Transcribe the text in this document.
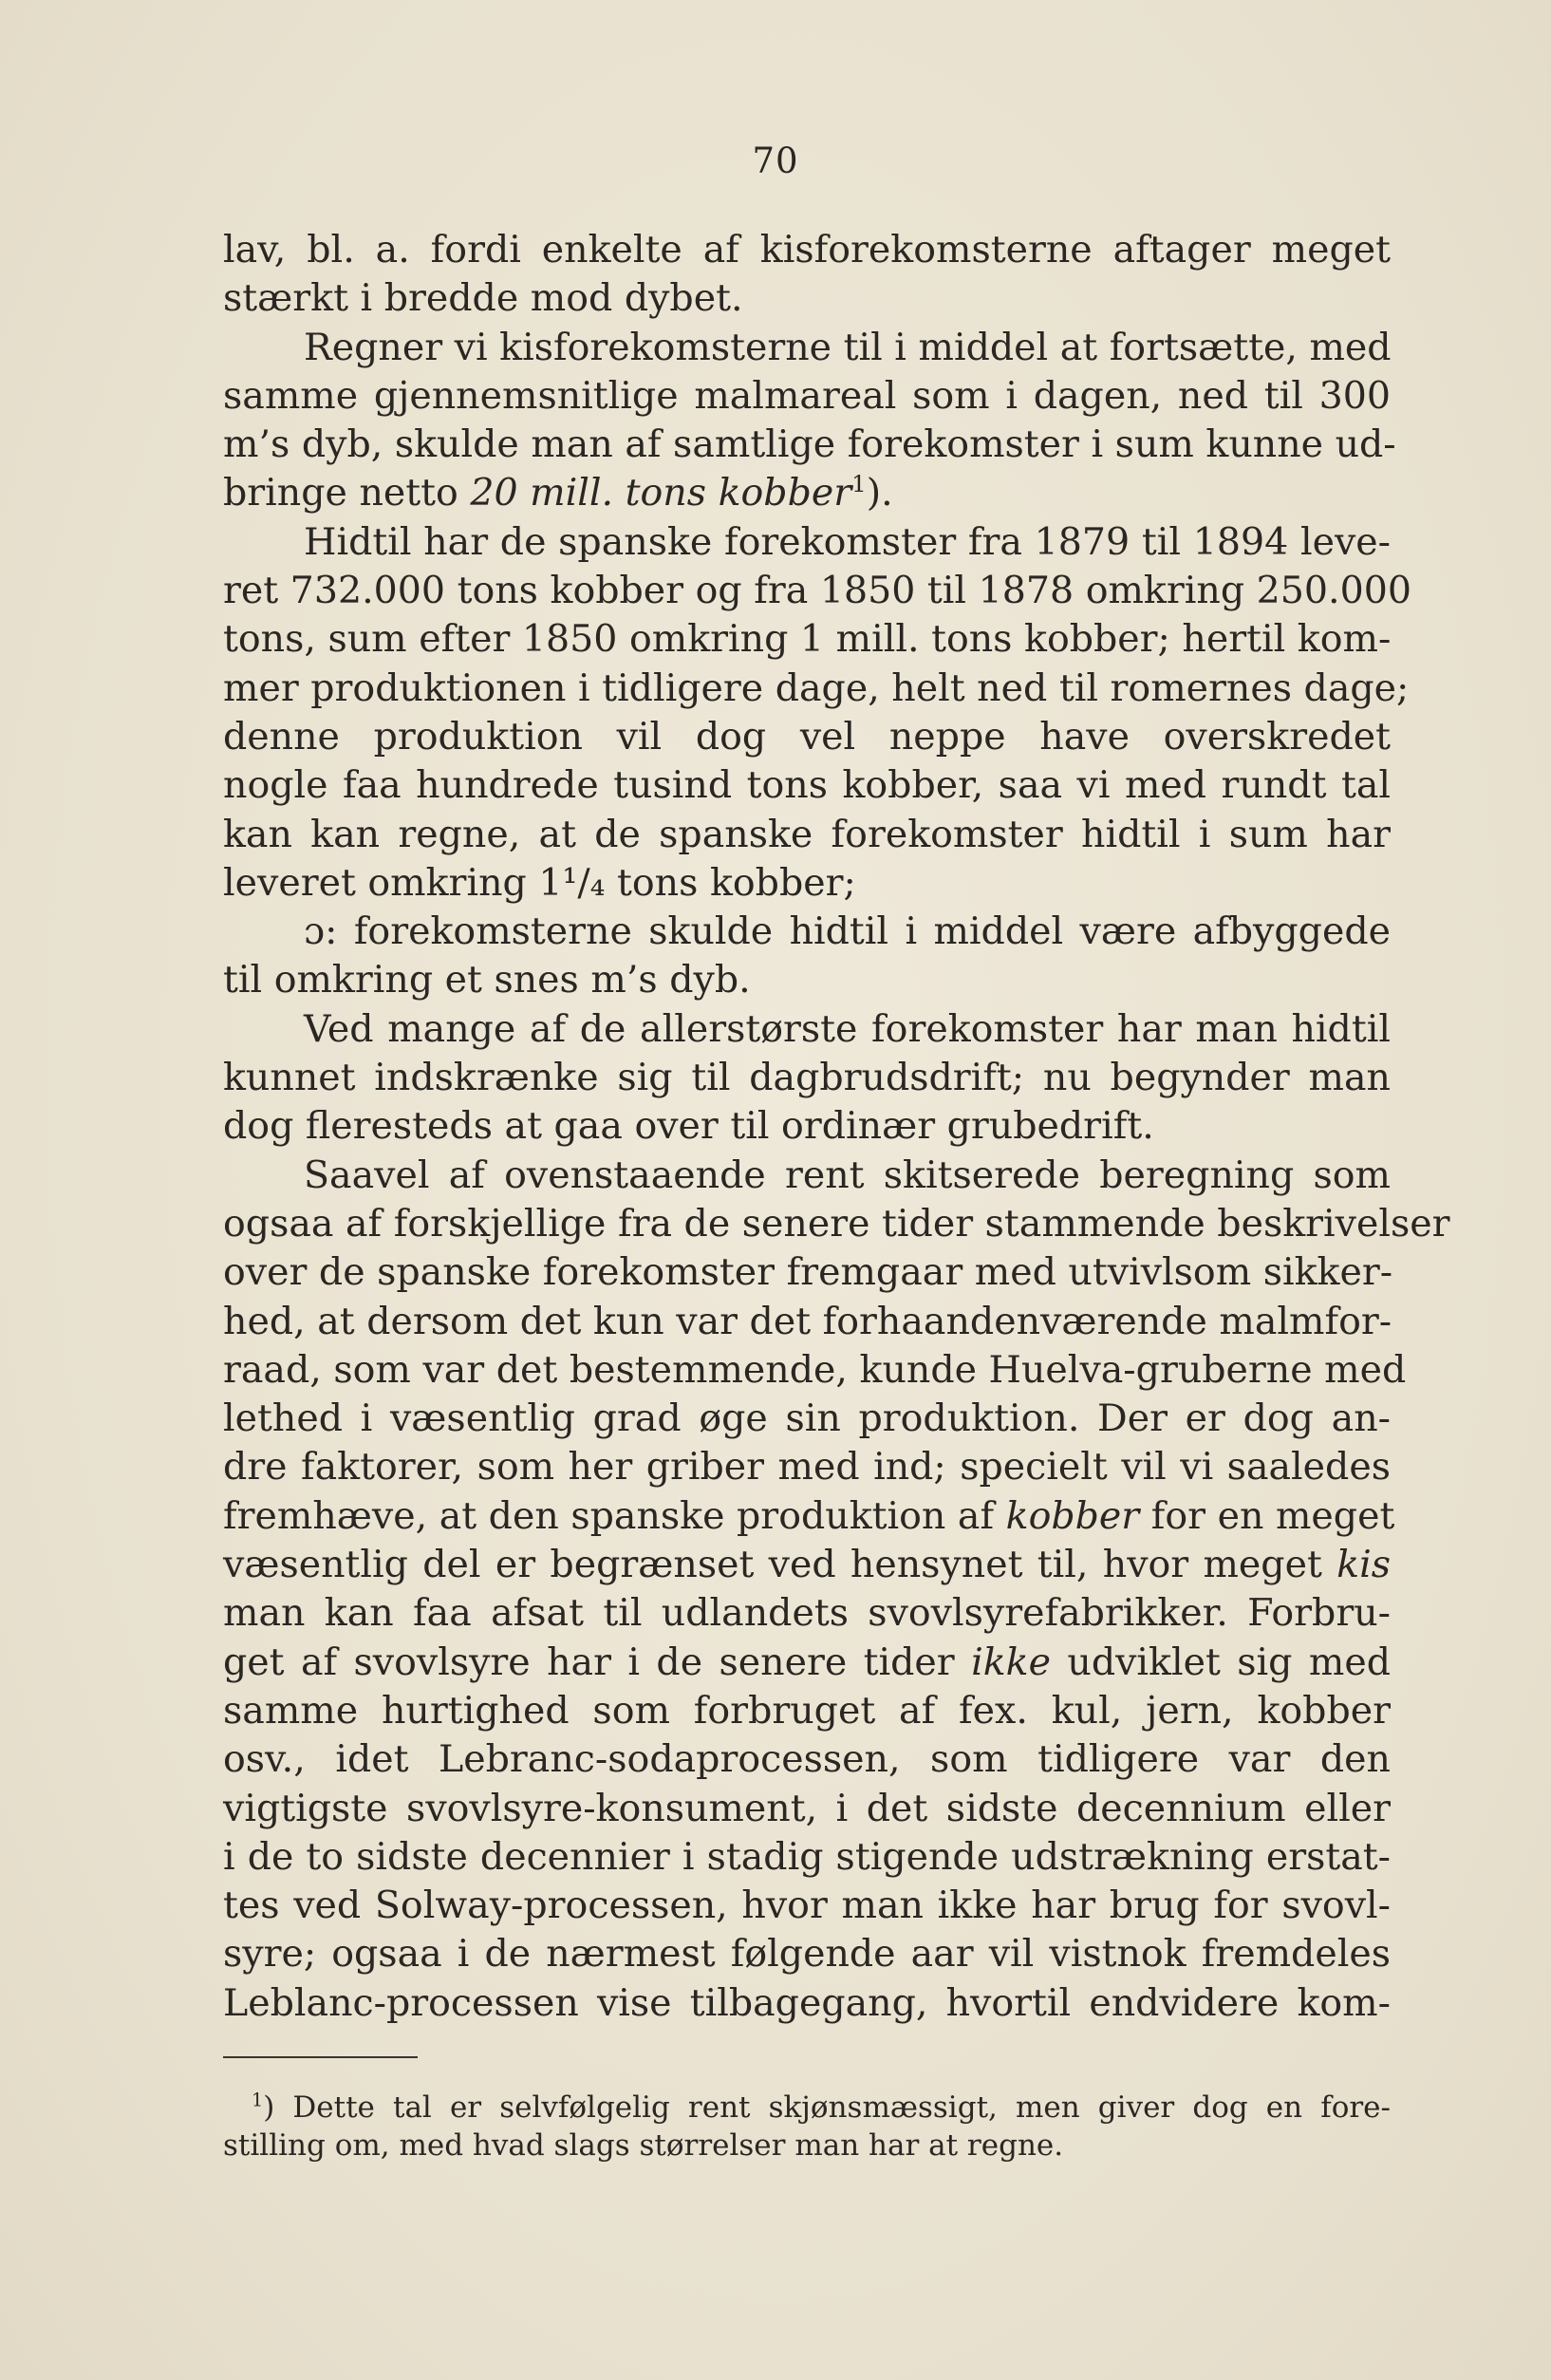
70
lav, bl. a. fordi enkelte af kisforekomsterne aftager meget
stærkt i bredde mod dybet.
Regner vi kisforekomsterne til i middel at fortsætte, med
samme gjennemsnitlige malmareal som i dagen, ned til 300
m’s dyb, skulde man af samtlige forekomster i sum kunne ud-
bringe netto 20 mill. tons kobber$^1$).
Hidtil har de spanske forekomster fra 1879 til 1894 leve-
ret 732.000 tons kobber og fra 1850 til 1878 omkring 250.000
tons, sum efter 1850 omkring 1 mill. tons kobber; hertil kom-
mer produktionen i tidligere dage, helt ned til romernes dage;
denne produktion vil dog vel neppe have overskredet
nogle faa hundrede tusind tons kobber, saa vi med rundt tal
kan kan regne, at de spanske forekomster hidtil i sum har
leveret omkring 1¹/₄ tons kobber;
ɔ: forekomsterne skulde hidtil i middel være afbyggede
til omkring et snes m’s dyb.
Ved mange af de allerstørste forekomster har man hidtil
kunnet indskrænke sig til dagbrudsdrift; nu begynder man
dog fleresteds at gaa over til ordinær grubedrift.
Saavel af ovenstaaende rent skitserede beregning som
ogsaa af forskjellige fra de senere tider stammende beskrivelser
over de spanske forekomster fremgaar med utvivlsom sikker-
hed, at dersom det kun var det forhaandenværende malmfor-
raad, som var det bestemmende, kunde Huelva-gruberne med
lethed i væsentlig grad øge sin produktion. Der er dog an-
dre faktorer, som her griber med ind; specielt vil vi saaledes
fremhæve, at den spanske produktion af kobber for en meget
væsentlig del er begrænset ved hensynet til, hvor meget kis
man kan faa afsat til udlandets svovlsyrefabrikker. Forbru-
get af svovlsyre har i de senere tider ikke udviklet sig med
samme hurtighed som forbruget af fex. kul, jern, kobber
osv., idet Lebranc-sodaprocessen, som tidligere var den
vigtigste svovlsyre-konsument, i det sidste decennium eller
i de to sidste decennier i stadig stigende udstrækning erstat-
tes ved Solway-processen, hvor man ikke har brug for svovl-
syre; ogsaa i de nærmest følgende aar vil vistnok fremdeles
Leblanc-processen vise tilbagegang, hvortil endvidere kom-
$^1$) Dette tal er selvfølgelig rent skjønsmæssigt, men giver dog en fore-
stilling om, med hvad slags størrelser man har at regne.
